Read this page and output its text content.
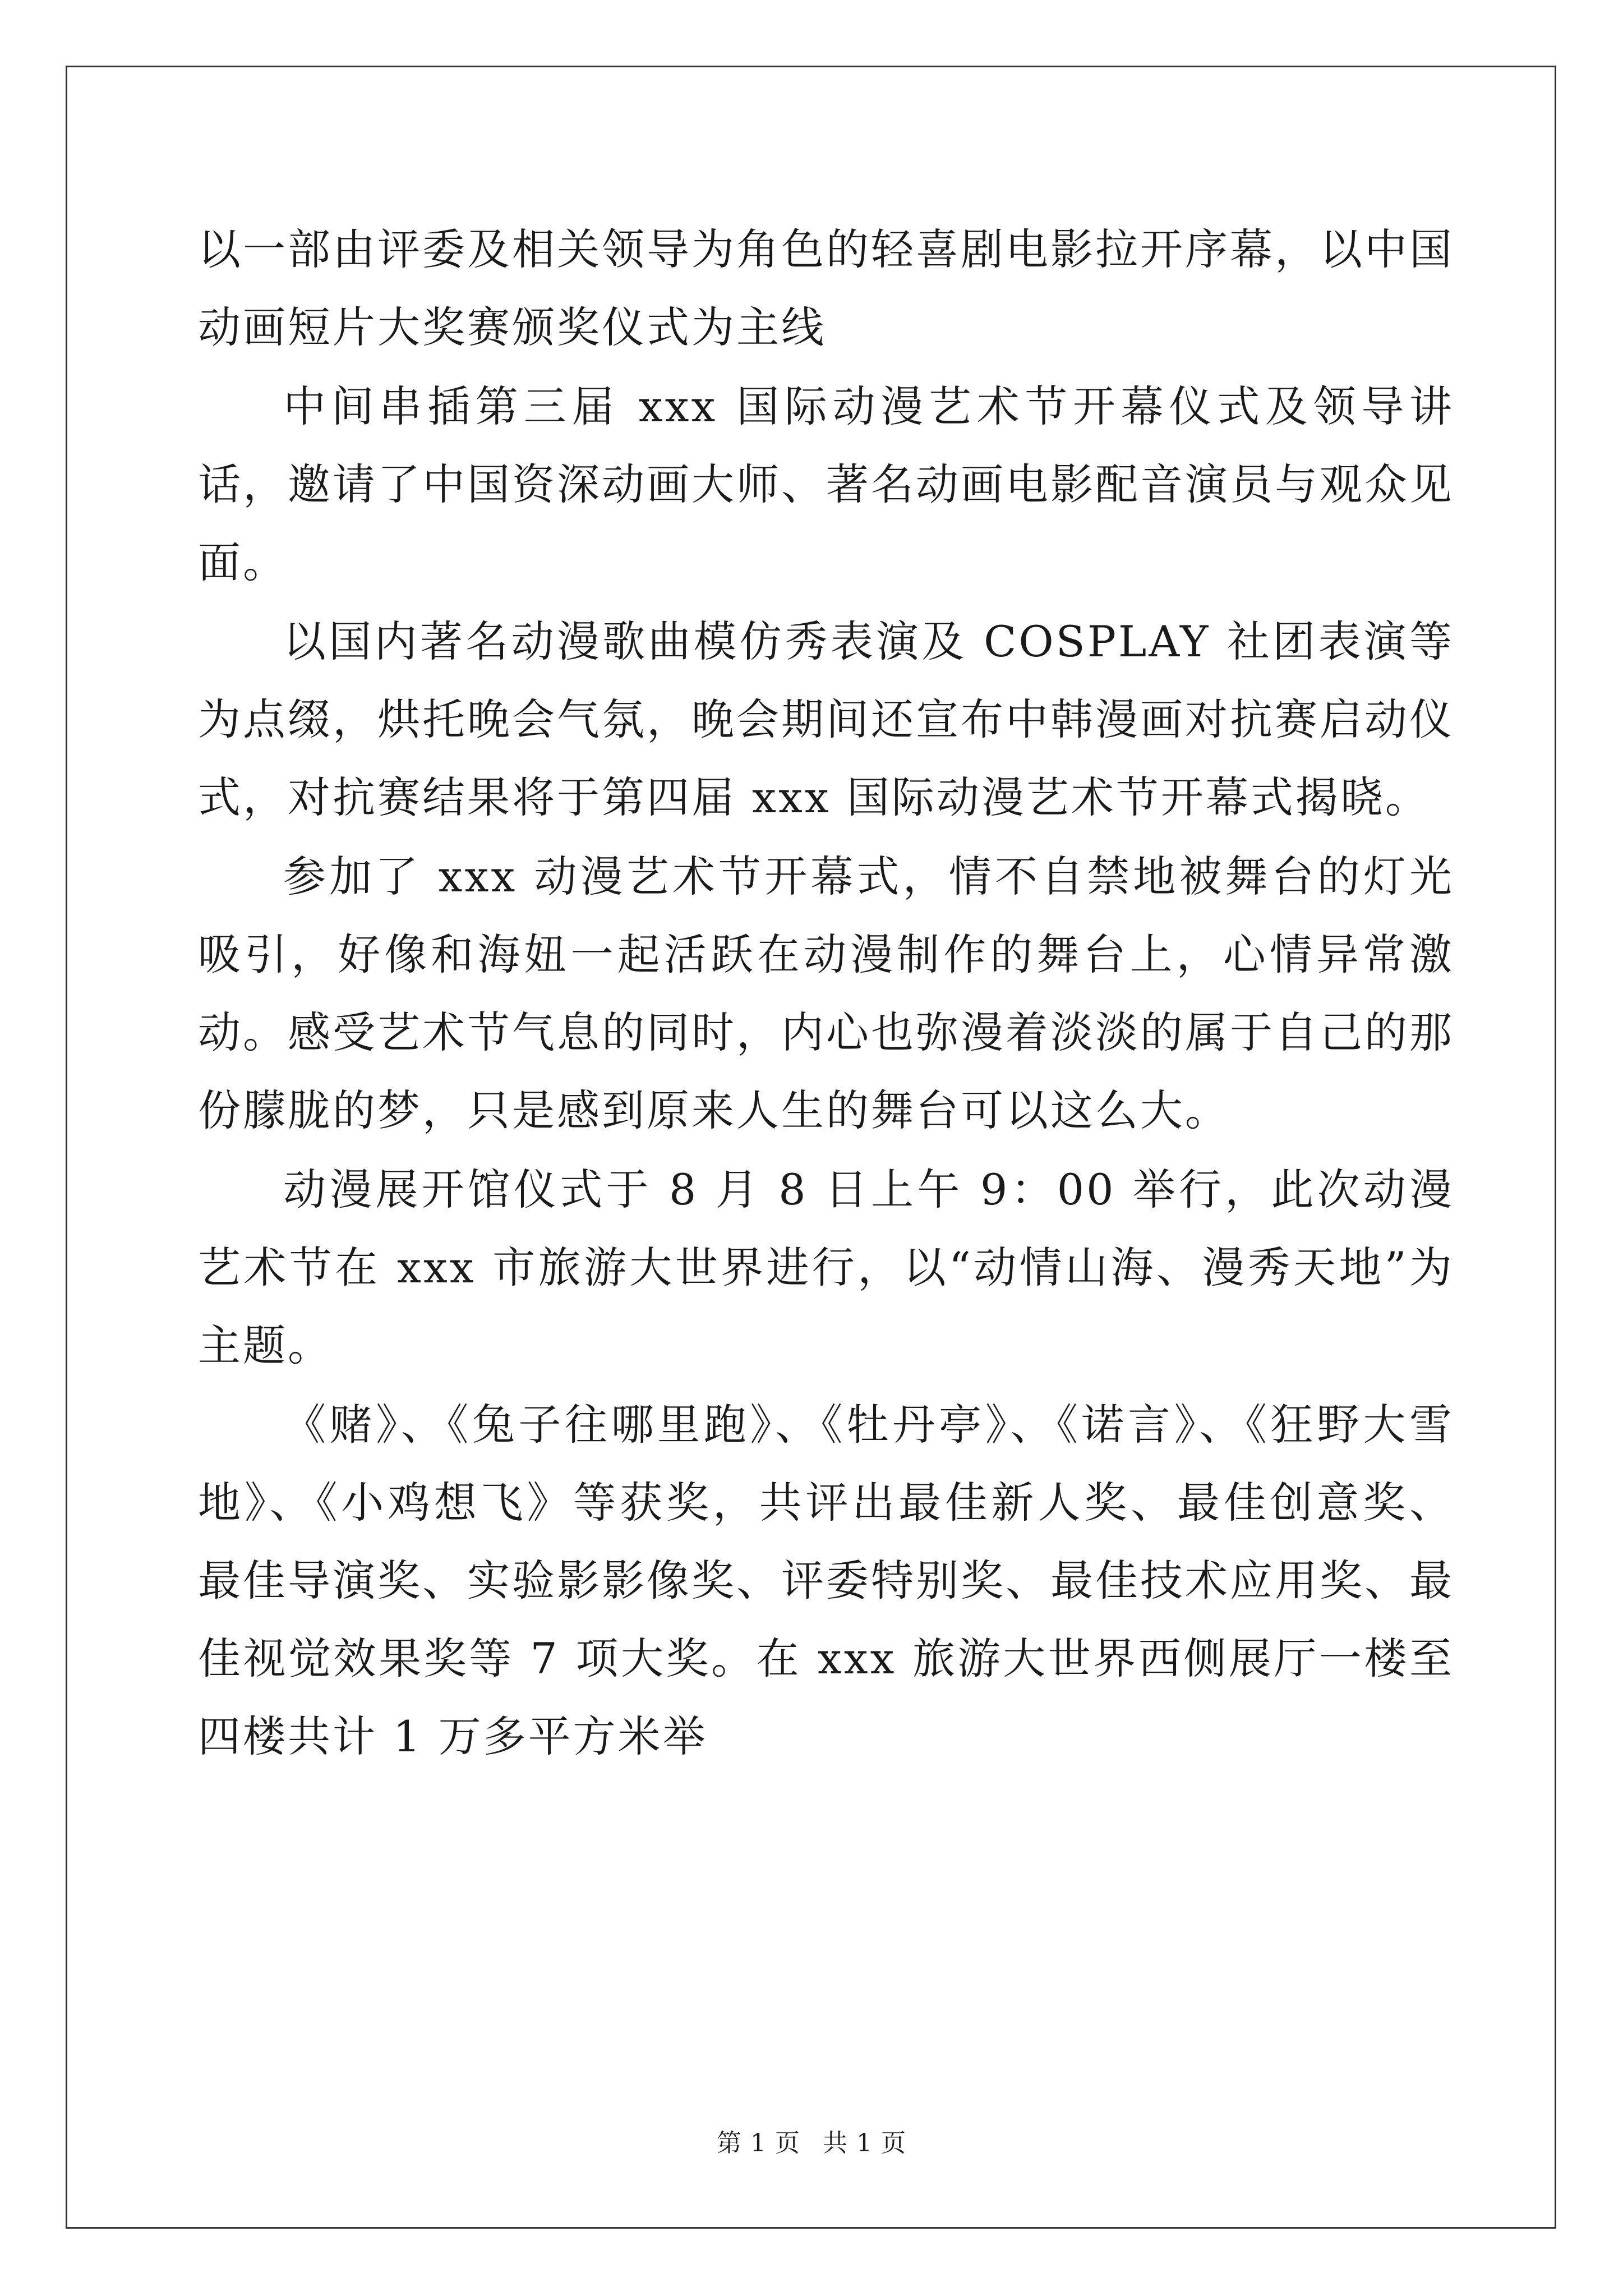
以一部由评委及相关领导为角色的轻喜剧电影拉开序幕，以中国动画短片大奖赛颁奖仪式为主线

中间串插第三届 xxx 国际动漫艺术节开幕仪式及领导讲话，邀请了中国资深动画大师、著名动画电影配音演员与观众见面。

以国内著名动漫歌曲模仿秀表演及 COSPLAY 社团表演等为点缀，烘托晚会气氛，晚会期间还宣布中韩漫画对抗赛启动仪式，对抗赛结果将于第四届 xxx 国际动漫艺术节开幕式揭晓。

参加了 xxx 动漫艺术节开幕式，情不自禁地被舞台的灯光吸引，好像和海妞一起活跃在动漫制作的舞台上，心情异常激动。感受艺术节气息的同时，内心也弥漫着淡淡的属于自己的那份朦胧的梦，只是感到原来人生的舞台可以这么大。

动漫展开馆仪式于 8 月 8 日上午 9：00 举行，此次动漫艺术节在 xxx 市旅游大世界进行，以“动情山海、漫秀天地”为主题。

《赌》、《兔子往哪里跑》、《牡丹亭》、《诺言》、《狂野大雪地》、《小鸡想飞》等获奖，共评出最佳新人奖、最佳创意奖、最佳导演奖、实验影影像奖、评委特别奖、最佳技术应用奖、最佳视觉效果奖等 7 项大奖。在 xxx 旅游大世界西侧展厅一楼至四楼共计 1 万多平方米举

第 1 页 共 1 页
